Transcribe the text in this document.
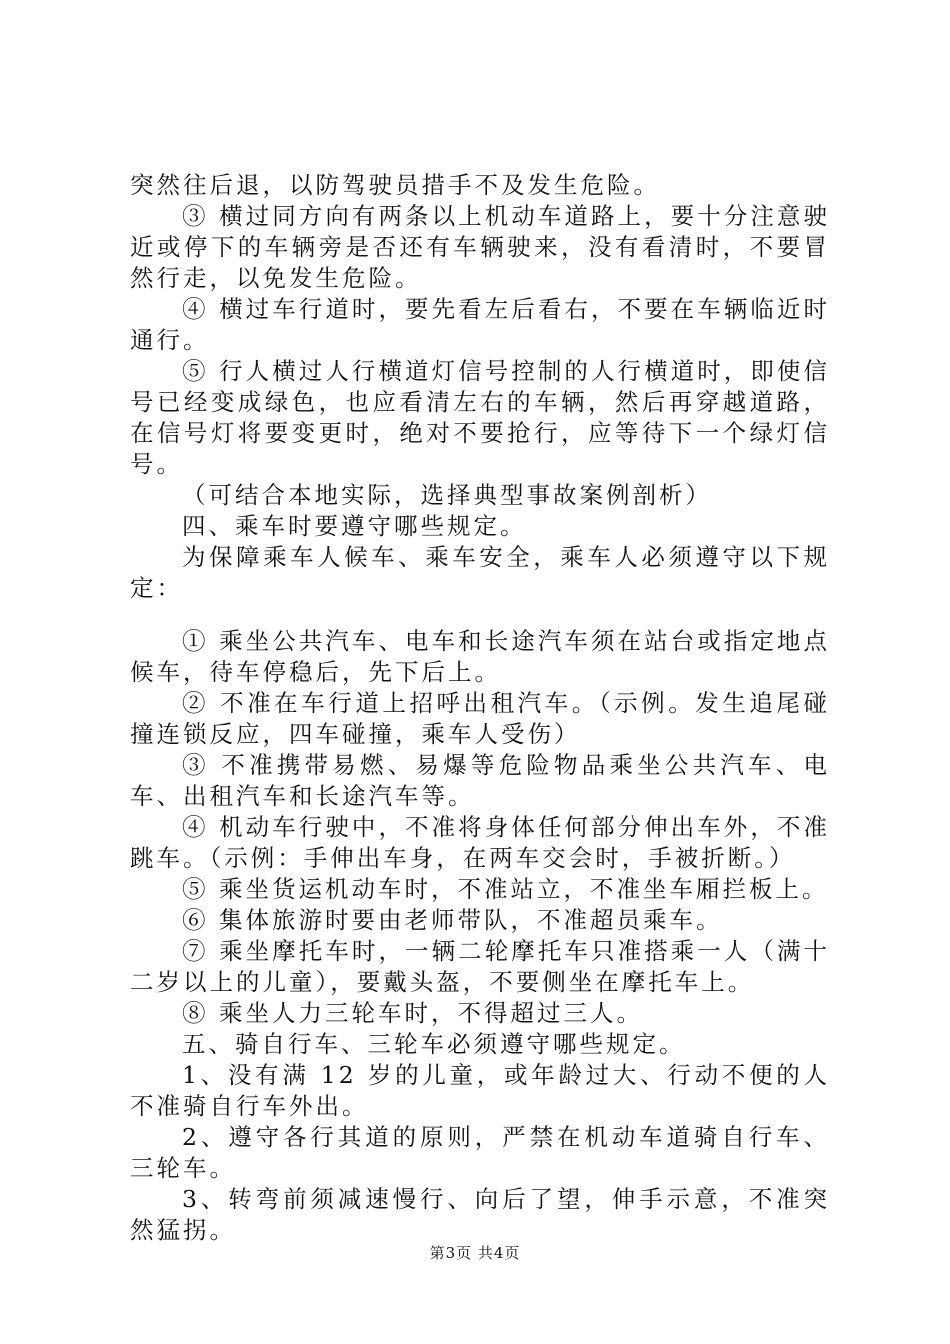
突然往后退，以防驾驶员措手不及发生危险。

③ 横过同方向有两条以上机动车道路上，要十分注意驶近或停下的车辆旁是否还有车辆驶来，没有看清时，不要冒然行走，以免发生危险。

④ 横过车行道时，要先看左后看右，不要在车辆临近时通行。

⑤ 行人横过人行横道灯信号控制的人行横道时，即使信号已经变成绿色，也应看清左右的车辆，然后再穿越道路，在信号灯将要变更时，绝对不要抢行，应等待下一个绿灯信号。

（可结合本地实际，选择典型事故案例剖析）

四、乘车时要遵守哪些规定。

为保障乘车人候车、乘车安全，乘车人必须遵守以下规定：

① 乘坐公共汽车、电车和长途汽车须在站台或指定地点候车，待车停稳后，先下后上。

② 不准在车行道上招呼出租汽车。（示例。发生追尾碰撞连锁反应，四车碰撞，乘车人受伤）

③ 不准携带易燃、易爆等危险物品乘坐公共汽车、电车、出租汽车和长途汽车等。

④ 机动车行驶中，不准将身体任何部分伸出车外，不准跳车。（示例：手伸出车身，在两车交会时，手被折断。）

⑤ 乘坐货运机动车时，不准站立，不准坐车厢拦板上。

⑥ 集体旅游时要由老师带队，不准超员乘车。

⑦ 乘坐摩托车时，一辆二轮摩托车只准搭乘一人（满十二岁以上的儿童），要戴头盔，不要侧坐在摩托车上。

⑧ 乘坐人力三轮车时，不得超过三人。

五、骑自行车、三轮车必须遵守哪些规定。

1、没有满 12 岁的儿童，或年龄过大、行动不便的人不准骑自行车外出。

2、遵守各行其道的原则，严禁在机动车道骑自行车、三轮车。

3、转弯前须减速慢行、向后了望，伸手示意，不准突然猛拐。

第3页 共4页
